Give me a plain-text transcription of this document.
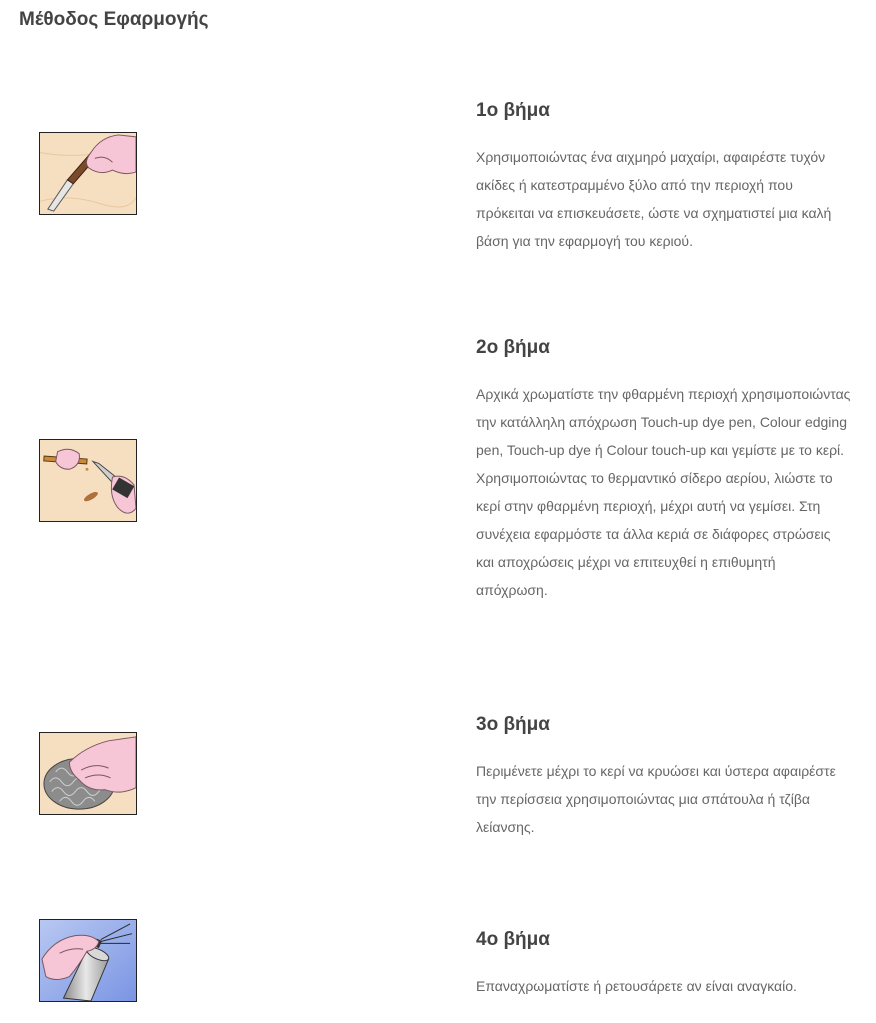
Μέθοδος Εφαρμογής
1ο βήμα

Χρησιμοποιώντας ένα αιχμηρό μαχαίρι, αφαιρέστε τυχόν ακίδες ή κατεστραμμένο ξύλο από την περιοχή που πρόκειται να επισκευάσετε, ώστε να σχηματιστεί μια καλή βάση για την εφαρμογή του κεριού.

2ο βήμα

Αρχικά χρωματίστε την φθαρμένη περιοχή χρησιμοποιώντας την κατάλληλη απόχρωση Touch-up dye pen, Colour edging pen, Touch-up dye ή Colour touch-up και γεμίστε με το κερί. Χρησιμοποιώντας το θερμαντικό σίδερο αερίου, λιώστε το κερί στην φθαρμένη περιοχή, μέχρι αυτή να γεμίσει. Στη συνέχεια εφαρμόστε τα άλλα κεριά σε διάφορες στρώσεις και αποχρώσεις μέχρι να επιτευχθεί η επιθυμητή απόχρωση.

3ο βήμα

Περιμένετε μέχρι το κερί να κρυώσει και ύστερα αφαιρέστε την περίσσεια χρησιμοποιώντας μια σπάτουλα ή τζίβα λείανσης.

4ο βήμα

Επαναχρωματίστε ή ρετουσάρετε αν είναι αναγκαίο.
